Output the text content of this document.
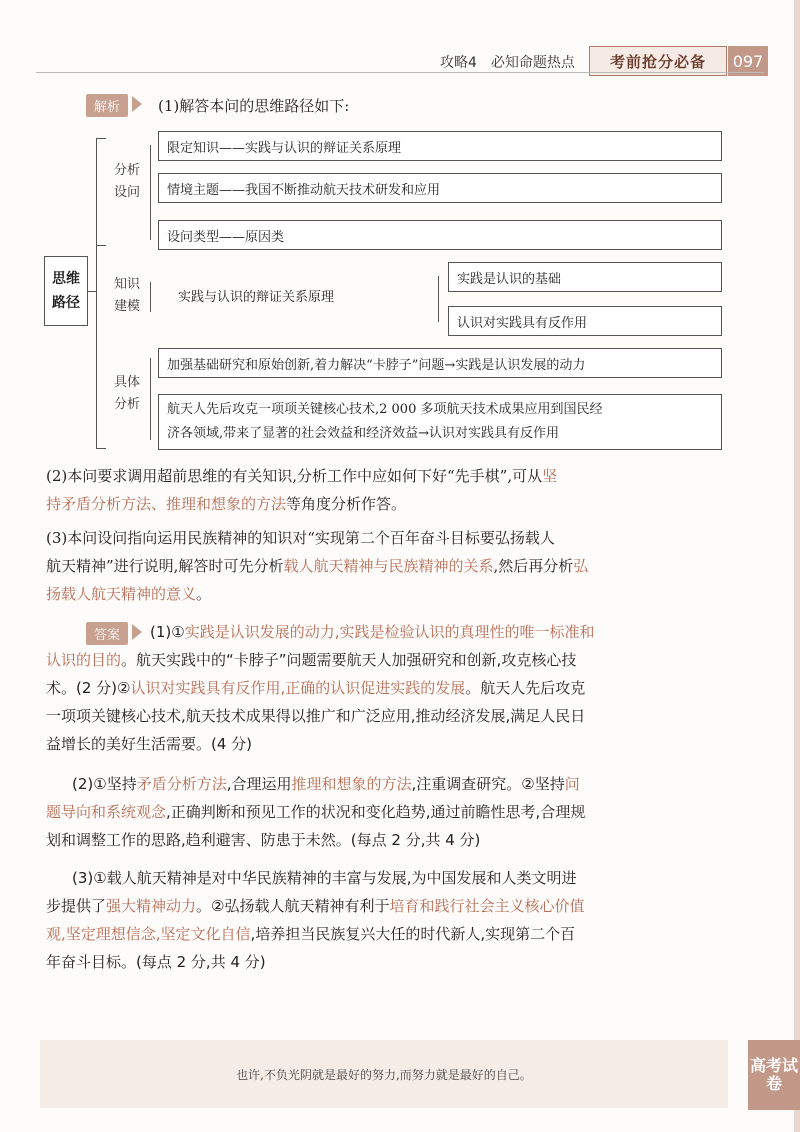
攻略4　必知命题热点	考前抢分必备	097
解析	(1)解答本问的思维路径如下:
思维
路径
分析
设问
限定知识——实践与认识的辩证关系原理
情境主题——我国不断推动航天技术研发和应用
设问类型——原因类
知识
建模
实践与认识的辩证关系原理
实践是认识的基础
认识对实践具有反作用
具体
分析
加强基础研究和原始创新,着力解决“卡脖子”问题→实践是认识发展的动力
航天人先后攻克一项项关键核心技术,2 000 多项航天技术成果应用到国民经
济各领域,带来了显著的社会效益和经济效益→认识对实践具有反作用
(2)本问要求调用超前思维的有关知识,分析工作中应如何下好“先手棋”,可从坚
持矛盾分析方法、推理和想象的方法等角度分析作答。
(3)本问设问指向运用民族精神的知识对“实现第二个百年奋斗目标要弘扬载人
航天精神”进行说明,解答时可先分析载人航天精神与民族精神的关系,然后再分析弘
扬载人航天精神的意义。
答案	(1)①实践是认识发展的动力,实践是检验认识的真理性的唯一标准和
认识的目的。航天实践中的“卡脖子”问题需要航天人加强研究和创新,攻克核心技
术。(2 分)②认识对实践具有反作用,正确的认识促进实践的发展。航天人先后攻克
一项项关键核心技术,航天技术成果得以推广和广泛应用,推动经济发展,满足人民日
益增长的美好生活需要。(4 分)
(2)①坚持矛盾分析方法,合理运用推理和想象的方法,注重调查研究。②坚持问
题导向和系统观念,正确判断和预见工作的状况和变化趋势,通过前瞻性思考,合理规
划和调整工作的思路,趋利避害、防患于未然。(每点 2 分,共 4 分)
(3)①载人航天精神是对中华民族精神的丰富与发展,为中国发展和人类文明进
步提供了强大精神动力。②弘扬载人航天精神有利于培育和践行社会主义核心价值
观,坚定理想信念,坚定文化自信,培养担当民族复兴大任的时代新人,实现第二个百
年奋斗目标。(每点 2 分,共 4 分)
也许,不负光阴就是最好的努力,而努力就是最好的自己。	高考试卷
